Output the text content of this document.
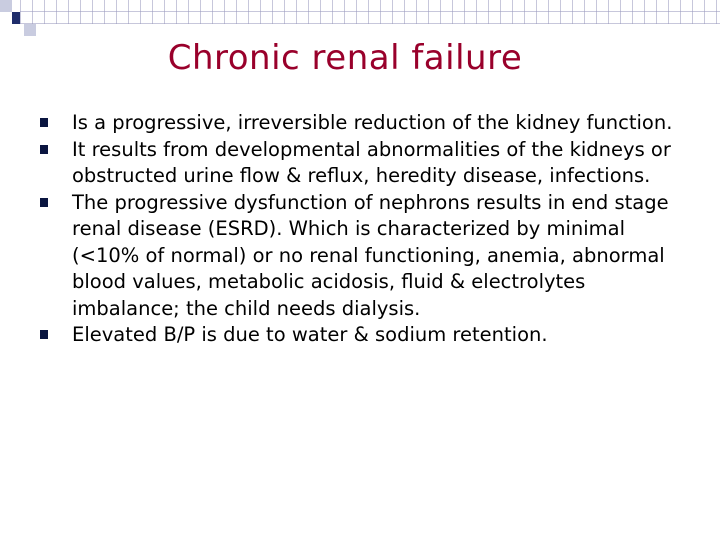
Chronic renal failure
Is a progressive, irreversible reduction of the kidney function.
It results from developmental abnormalities of the kidneys or obstructed urine flow & reflux, heredity disease, infections.
The progressive dysfunction of nephrons results in end stage renal disease (ESRD). Which is characterized by minimal (<10% of normal) or no renal functioning, anemia, abnormal blood values, metabolic acidosis, fluid & electrolytes imbalance; the child needs dialysis.
Elevated B/P is due to water & sodium retention.
